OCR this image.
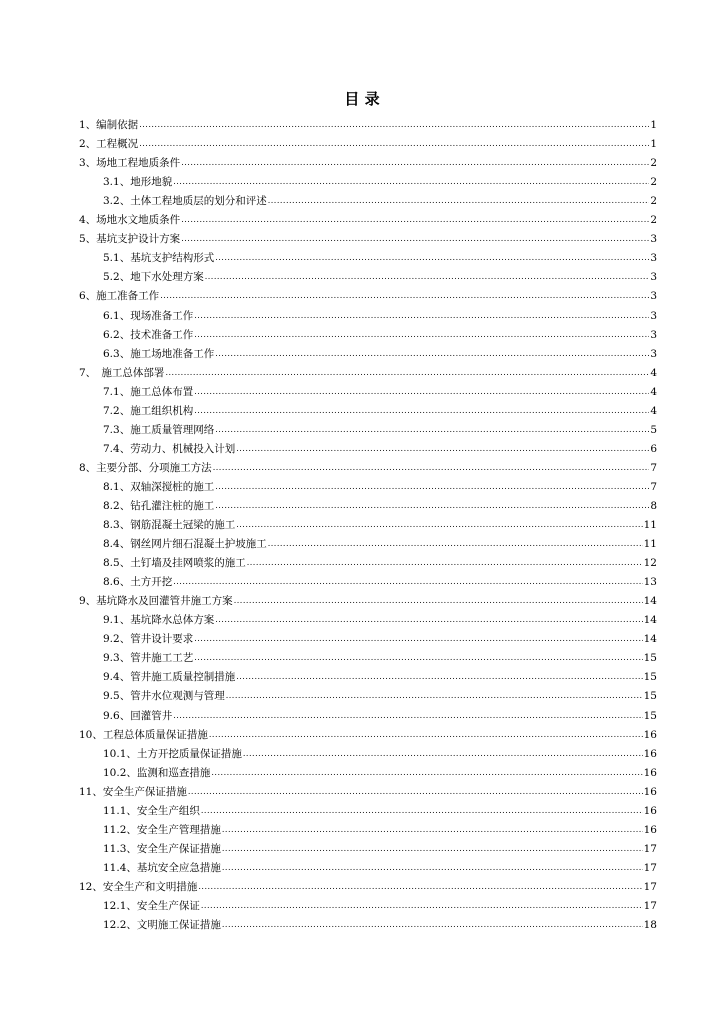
目 录
1、编制依据 .....	1
2、工程概况 .....	1
3、场地工程地质条件 .....	2
3.1、地形地貌 .....	2
3.2、土体工程地质层的划分和评述 .....	2
4、场地水文地质条件 .....	2
5、基坑支护设计方案 .....	3
5.1、基坑支护结构形式 .....	3
5.2、地下水处理方案 .....	3
6、施工准备工作 .....	3
6.1、现场准备工作 .....	3
6.2、技术准备工作 .....	3
6.3、施工场地准备工作 .....	3
7、　施工总体部署 .....	4
7.1、施工总体布置 .....	4
7.2、施工组织机构 .....	4
7.3、施工质量管理网络 .....	5
7.4、劳动力、机械投入计划 .....	6
8、主要分部、分项施工方法 .....	7
8.1、双轴深搅桩的施工 .....	7
8.2、钻孔灌注桩的施工 .....	8
8.3、钢筋混凝土冠梁的施工 .....	11
8.4、钢丝网片细石混凝土护坡施工 .....	11
8.5、土钉墙及挂网喷浆的施工 .....	12
8.6、土方开挖 .....	13
9、基坑降水及回灌管井施工方案 .....	14
9.1、基坑降水总体方案 .....	14
9.2、管井设计要求 .....	14
9.3、管井施工工艺 .....	15
9.4、管井施工质量控制措施 .....	15
9.5、管井水位观测与管理 .....	15
9.6、回灌管井 .....	15
10、工程总体质量保证措施 .....	16
10.1、土方开挖质量保证措施 .....	16
10.2、监测和巡查措施 .....	16
11、安全生产保证措施 .....	16
11.1、安全生产组织 .....	16
11.2、安全生产管理措施 .....	16
11.3、安全生产保证措施 .....	17
11.4、基坑安全应急措施 .....	17
12、安全生产和文明措施 .....	17
12.1、安全生产保证 .....	17
12.2、文明施工保证措施 .....	18
